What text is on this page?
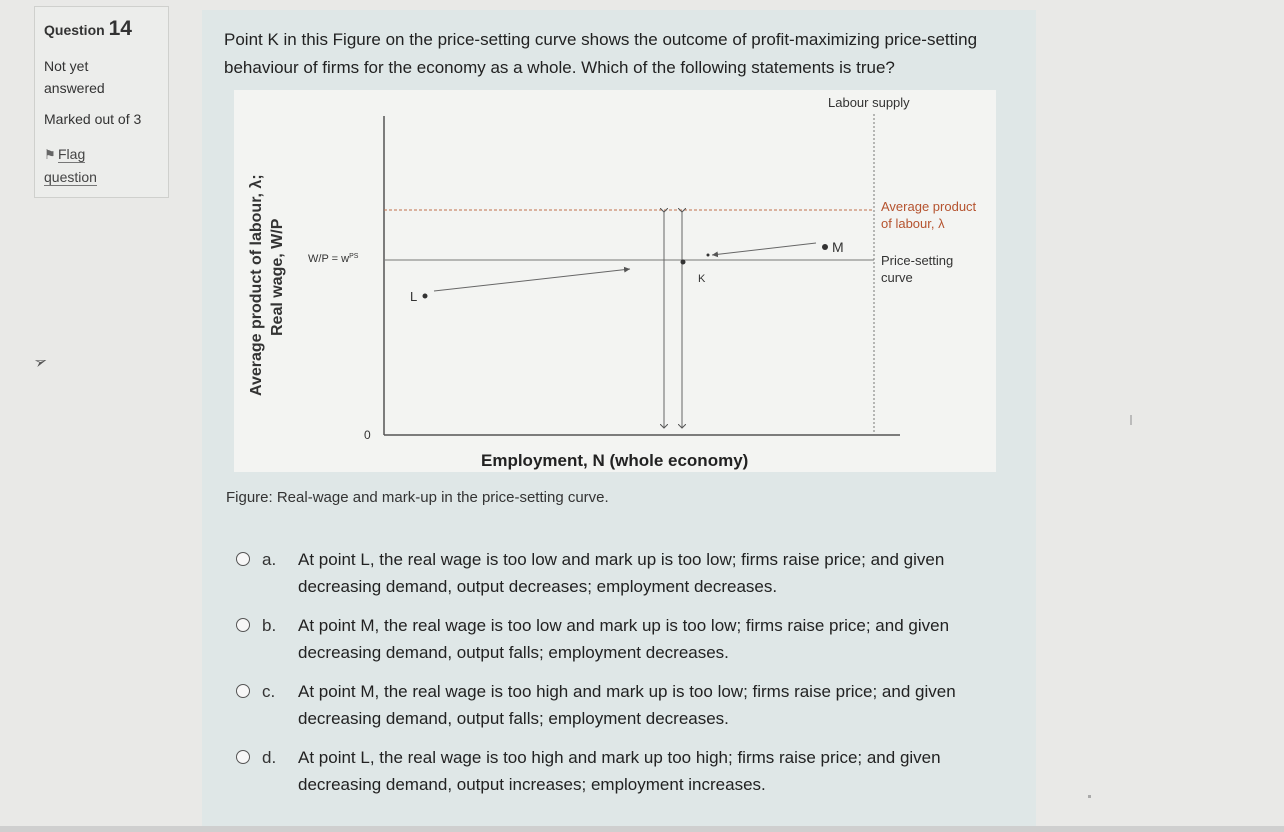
Question 14
Not yet
answered
Marked out of 3
⚑ Flag
question
➢
Point K in this Figure on the price-setting curve shows the outcome of profit-maximizing price-setting behaviour of firms for the economy as a whole. Which of the following statements is true?
Average product of labour, λ; Real wage, W/P
0
Labour supply
Average product
of labour, λ
Price-setting
curve
$W/P = w^{PS}$
L
K
M
Employment, N (whole economy)
Figure: Real-wage and mark-up in the price-setting curve.
a. At point L, the real wage is too low and mark up is too low; firms raise price; and given decreasing demand, output decreases; employment decreases.
b. At point M, the real wage is too low and mark up is too low; firms raise price; and given decreasing demand, output falls; employment decreases.
c. At point M, the real wage is too high and mark up is too low; firms raise price; and given decreasing demand, output falls; employment decreases.
d. At point L, the real wage is too high and mark up too high; firms raise price; and given decreasing demand, output increases; employment increases.
